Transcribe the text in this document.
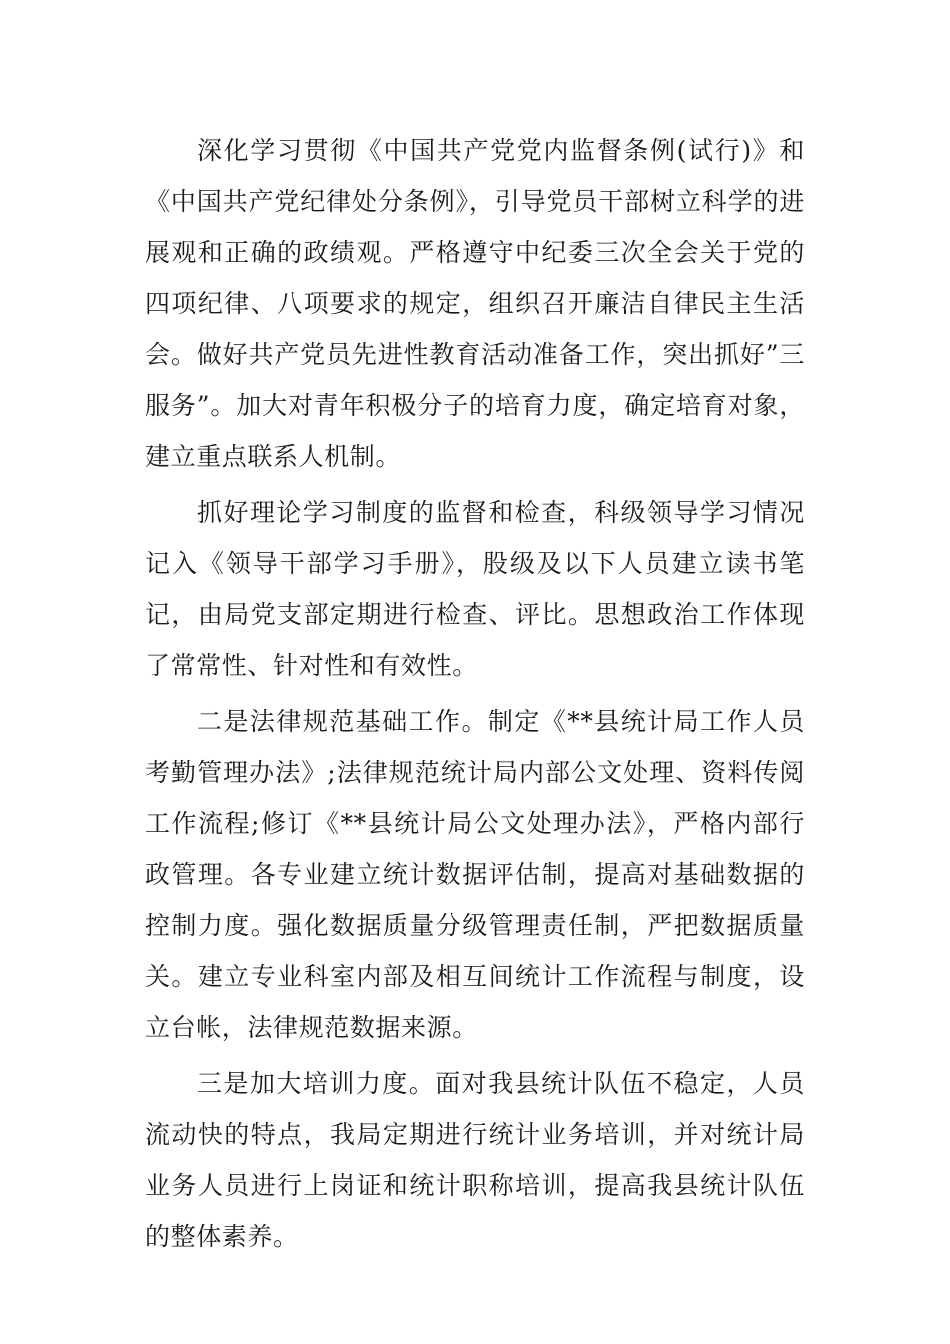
深化学习贯彻《中国共产党党内监督条例(试行)》和《中国共产党纪律处分条例》，引导党员干部树立科学的进展观和正确的政绩观。严格遵守中纪委三次全会关于党的四项纪律、八项要求的规定，组织召开廉洁自律民主生活会。做好共产党员先进性教育活动准备工作，突出抓好”三服务”。加大对青年积极分子的培育力度，确定培育对象，建立重点联系人机制。

抓好理论学习制度的监督和检查，科级领导学习情况记入《领导干部学习手册》，股级及以下人员建立读书笔记，由局党支部定期进行检查、评比。思想政治工作体现了常常性、针对性和有效性。

二是法律规范基础工作。制定《**县统计局工作人员考勤管理办法》;法律规范统计局内部公文处理、资料传阅工作流程;修订《**县统计局公文处理办法》，严格内部行政管理。各专业建立统计数据评估制，提高对基础数据的控制力度。强化数据质量分级管理责任制，严把数据质量关。建立专业科室内部及相互间统计工作流程与制度，设立台帐，法律规范数据来源。

三是加大培训力度。面对我县统计队伍不稳定，人员流动快的特点，我局定期进行统计业务培训，并对统计局业务人员进行上岗证和统计职称培训，提高我县统计队伍的整体素养。
